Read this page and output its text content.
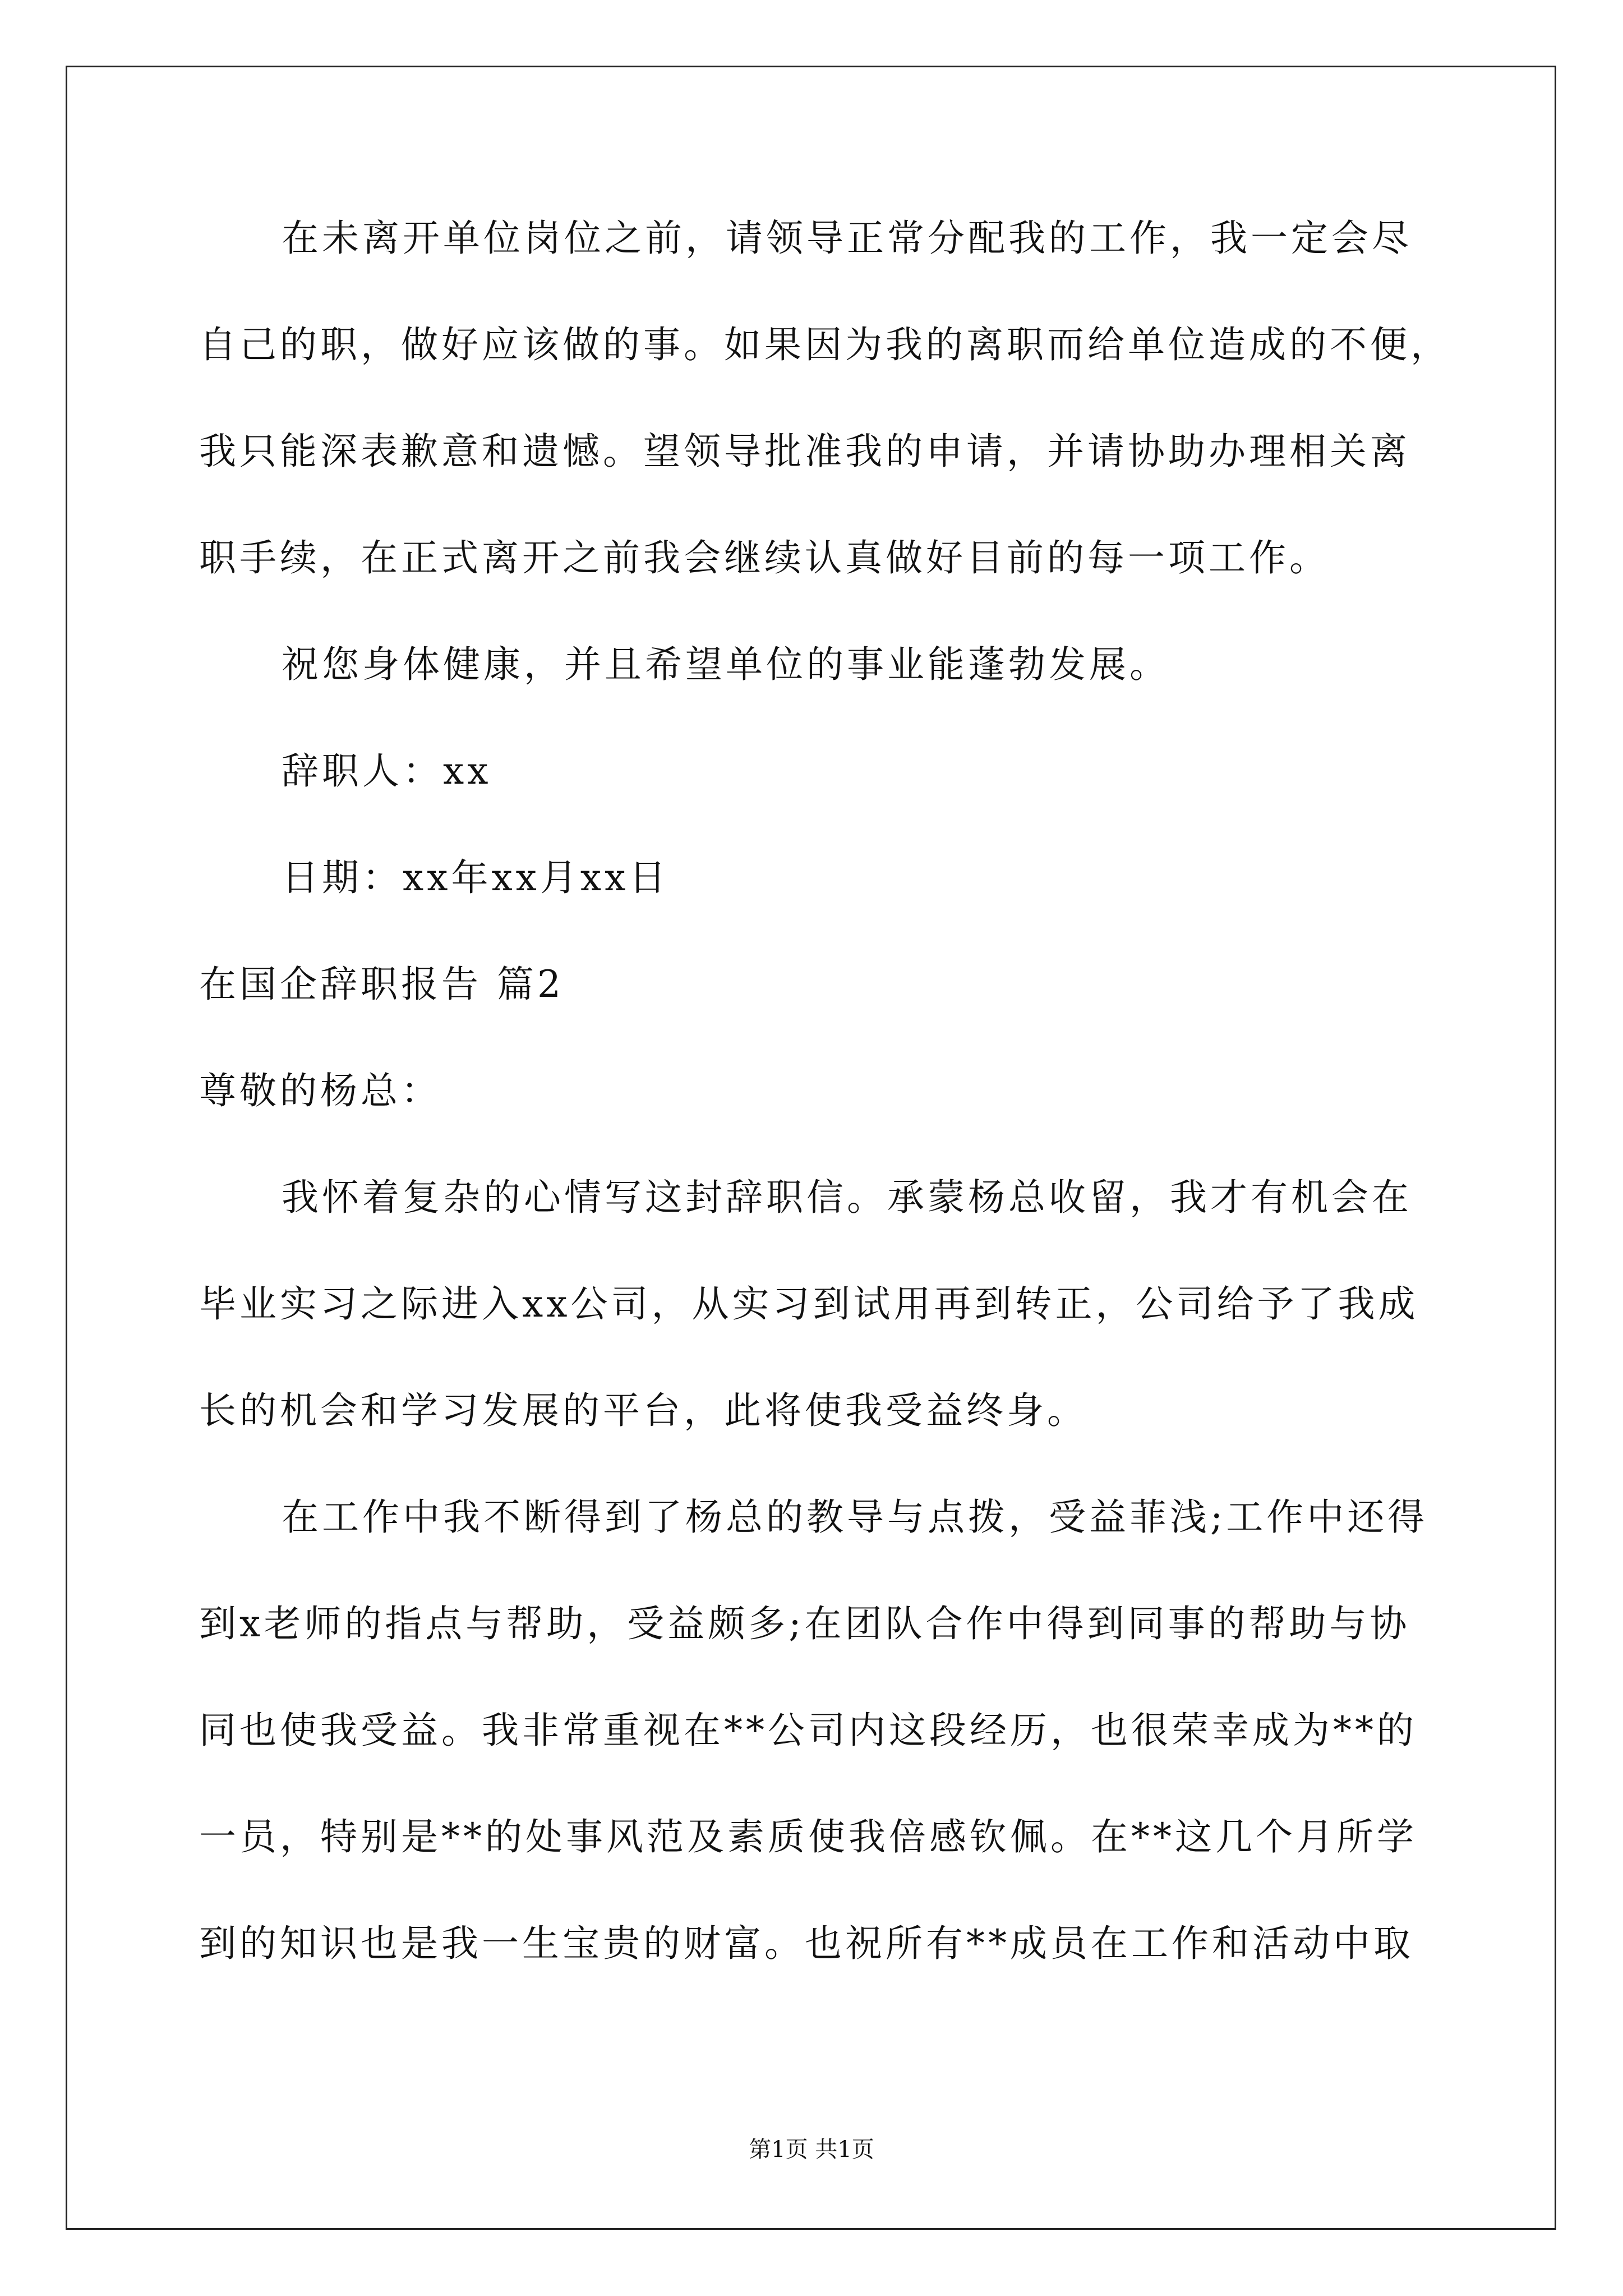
在未离开单位岗位之前，请领导正常分配我的工作，我一定会尽
自己的职，做好应该做的事。如果因为我的离职而给单位造成的不便，
我只能深表歉意和遗憾。望领导批准我的申请，并请协助办理相关离
职手续，在正式离开之前我会继续认真做好目前的每一项工作。
祝您身体健康，并且希望单位的事业能蓬勃发展。
辞职人：xx
日期：xx年xx月xx日
在国企辞职报告 篇2
尊敬的杨总：
我怀着复杂的心情写这封辞职信。承蒙杨总收留，我才有机会在
毕业实习之际进入xx公司，从实习到试用再到转正，公司给予了我成
长的机会和学习发展的平台，此将使我受益终身。
在工作中我不断得到了杨总的教导与点拨，受益菲浅;工作中还得
到x老师的指点与帮助，受益颇多;在团队合作中得到同事的帮助与协
同也使我受益。我非常重视在**公司内这段经历，也很荣幸成为**的
一员，特别是**的处事风范及素质使我倍感钦佩。在**这几个月所学
到的知识也是我一生宝贵的财富。也祝所有**成员在工作和活动中取
第1页 共1页
